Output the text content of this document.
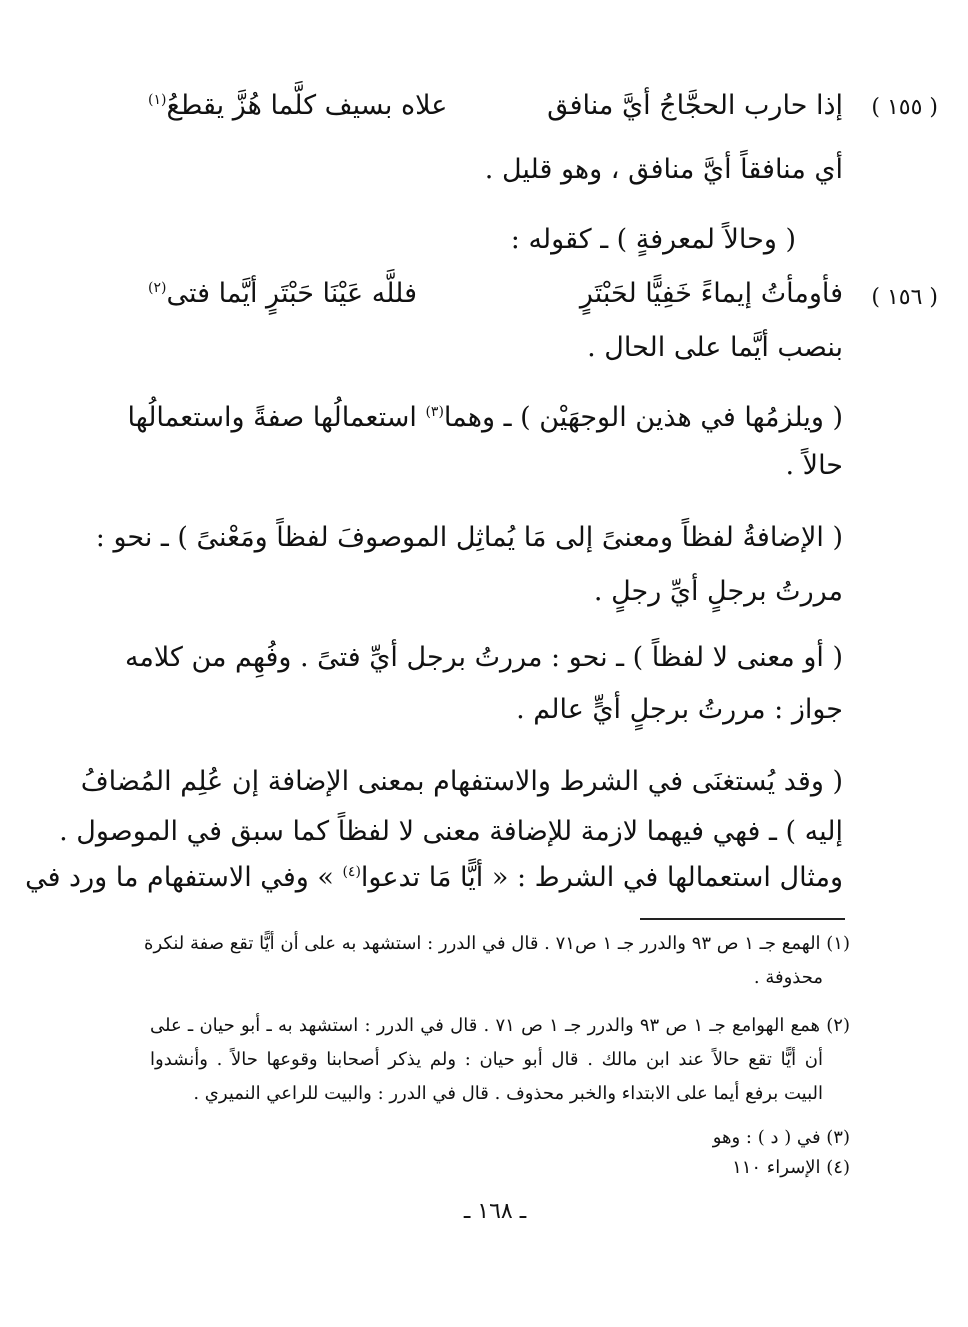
( ١٥٥ )
إذا حارب الحجَّاجُ أيَّ منافق
علاه بسيف كلَّما هُزَّ يقطعُ$^{(١)}$
أي منافقاً أيَّ منافق ، وهو قليل .
( وحالاً لمعرفةٍ ) ـ كقوله :
( ١٥٦ )
فأومأتُ إيماءً خَفِيًّا لحَبْتَرٍ
فللَّه عَيْنَا حَبْتَرٍ أيَّما فتى$^{(٢)}$
بنصب أيَّما على الحال .
( ويلزمُها في هذين الوجهَيْن ) ـ وهما$^{(٣)}$ استعمالُها صفةً واستعمالُها
حالاً .
( الإضافةُ لفظاً ومعنىً إلى مَا يُماثِل الموصوفَ لفظاً ومَعْنىً ) ـ نحو :
مررتُ برجلٍ أيِّ رجلٍ .
( أو معنى لا لفظاً ) ـ نحو : مررتُ برجل أيِّ فتىً . وفُهِم من كلامه
جواز : مررتُ برجلٍ أيٍّ عالم .
( وقد يُستغنَى في الشرط والاستفهام بمعنى الإضافة إن عُلِم المُضافُ
إليه ) ـ فهي فيهما لازمة للإضافة معنى لا لفظاً كما سبق في الموصول .
ومثال استعمالها في الشرط : « أيًّا مَا تدعوا$^{(٤)}$ » وفي الاستفهام ما ورد في
(١) الهمع جـ ١ ص ٩٣ والدرر جـ ١ ص٧١ . قال في الدرر : استشهد به على أن أيًّا تقع صفة لنكرة
محذوفة .
(٢) همع الهوامع جـ ١ ص ٩٣ والدرر جـ ١ ص ٧١ . قال في الدرر : استشهد به ـ أبو حيان ـ على
أن أيًّا تقع حالاً عند ابن مالك . قال أبو حيان : ولم يذكر أصحابنا وقوعها حالاً . وأنشدوا
البيت برفع أيما على الابتداء والخبر محذوف . قال في الدرر : والبيت للراعي النميري .
(٣) في ( د ) : وهو
(٤) الإسراء ١١٠
ـ ١٦٨ ـ
